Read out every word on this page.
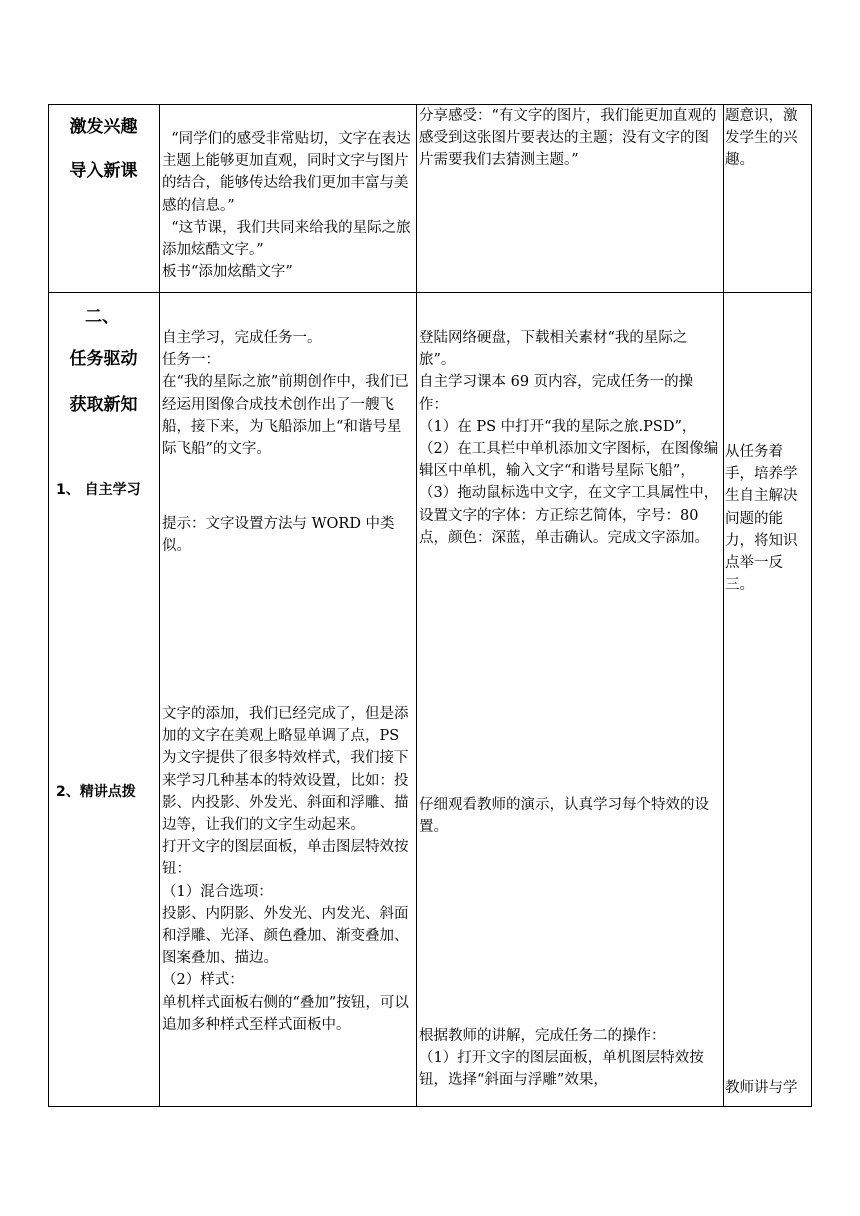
激发兴趣
导入新课
“同学们的感受非常贴切，文字在表达主题上能够更加直观，同时文字与图片的结合，能够传达给我们更加丰富与美感的信息。”
“这节课，我们共同来给我的星际之旅添加炫酷文字。”
板书“添加炫酷文字”
分享感受：“有文字的图片，我们能更加直观的感受到这张图片要表达的主题；没有文字的图片需要我们去猜测主题。”
题意识，激发学生的兴趣。
二、
任务驱动
获取新知
1、 自主学习
2、精讲点拨
自主学习，完成任务一。
任务一：
在“我的星际之旅”前期创作中，我们已经运用图像合成技术创作出了一艘飞船，接下来，为飞船添加上“和谐号星际飞船”的文字。
提示：文字设置方法与 WORD 中类似。
文字的添加，我们已经完成了，但是添加的文字在美观上略显单调了点，PS 为文字提供了很多特效样式，我们接下来学习几种基本的特效设置，比如：投影、内投影、外发光、斜面和浮雕、描边等，让我们的文字生动起来。
打开文字的图层面板，单击图层特效按钮：
（1）混合选项：
投影、内阴影、外发光、内发光、斜面和浮雕、光泽、颜色叠加、渐变叠加、图案叠加、描边。
（2）样式：
单机样式面板右侧的“叠加”按钮，可以追加多种样式至样式面板中。
登陆网络硬盘，下载相关素材“我的星际之旅”。
自主学习课本 69 页内容，完成任务一的操作：
（1）在 PS 中打开“我的星际之旅.PSD”，
（2）在工具栏中单机添加文字图标，在图像编辑区中单机，输入文字“和谐号星际飞船”，
（3）拖动鼠标选中文字，在文字工具属性中，设置文字的字体：方正综艺简体，字号：80 点，颜色：深蓝，单击确认。完成文字添加。
仔细观看教师的演示，认真学习每个特效的设置。
根据教师的讲解，完成任务二的操作：
（1）打开文字的图层面板，单机图层特效按钮，选择“斜面与浮雕”效果，
从任务着手，培养学生自主解决问题的能力，将知识点举一反三。
教师讲与学
